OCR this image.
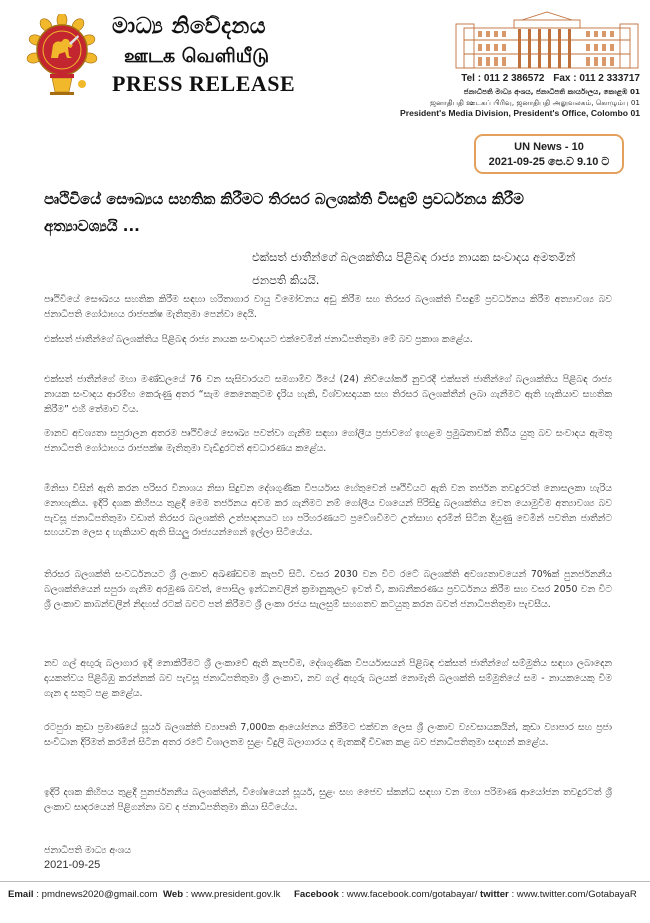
මාධ්‍ය නිවේදනය
ஊடக வெளியீடு
PRESS RELEASE	Tel : 011 2 386572 Fax : 011 2 333717
ජනාධිපති මාධ්‍ය අංශය, ජනාධිපති කාර්යාලය, කොළඹ 01
ஜனாதிபதி ஊடகப் பிரிவு, ஜனாதிபதி அலுவலகம், கொழும்பு 01
President's Media Division, President's Office, Colombo 01
UN News - 10
2021-09-25 පෙ.ව 9.10 ට
පෘථිවියේ සෞඛ්‍යය සහතික කිරීමට තිරසර බලශක්ති විසඳුම් ප්‍රවර්ධනය කිරීම අත්‍යාවශ්‍යයි ...
එක්සත් ජාතීන්ගේ බලශක්තිය පිළිබඳ රාජ්‍ය නායක සංවාදය අමතමින් ජනපති කියයි.
පෘථිවියේ සෞඛ්‍යය සහතික කිරීම සඳහා හරිතාගාර වායු විමෝචනය අඩු කිරීම සහ තිරසර බලශක්ති විසඳුම් ප්‍රවර්ධනය කිරීම අත්‍යාවශ්‍ය බව ජනාධිපති ගෝඨාභය රාජපක්ෂ මැතිතුමා පෙන්වා දෙයි.
එක්සත් ජාතීන්ගේ බලශක්තිය පිළිබඳ රාජ්‍ය නායක සංවාදයට එක්වෙමින් ජනාධිපතිතුමා මේ බව ප්‍රකාශ කළේය.
එක්සත් ජාතීන්ගේ මහා මණ්ඩලයේ 76 වන සැසිවාරයට සමගාමීව ඊයේ (24) නිව්යෝර්ක් නුවරදී එක්සත් ජාතීන්ගේ බලශක්තිය පිළිබඳ රාජ්‍ය නායක සංවාදය ආරම්භ කෙරුණු අතර “සැම කෙනෙකුටම දැරිය හැකි, විශ්වාසදායක සහ තිරසර බලශක්තීන් ලබා ගැනීමට ඇති හැකියාව සහතික කිරීම” එහි තේමාව විය.
මානව අවශ්‍යතා සපුරාලන අතරම පෘථිවියේ සෞඛ්‍ය පවත්වා ගැනීම සඳහා ගෝලීය ප්‍රජාවගේ ඉහළම ප්‍රමුඛතාවක් තිබිිය යුතු බව සංවාදය ඇමතූ ජනාධිපති ගෝඨාභය රාජපක්ෂ මැතිතුමා වැඩිදුරටත් අවධාරණය කළේය.
මිනිසා විසින් ඇති කරන පරිසර විනාශය නිසා සිදුවන දේශගුණික විපර්යාස හේතුවෙන් පෘථිවියට ඇති වන තර්ජන තවදුරටත් නොසලකා හැරිය නොහැකිය. ඉදිරි දශක කිහිපය තුළදී මෙම තර්ජනය අවම කර ගැනීමට නම් ගෝලීය වශයෙන් පිරිසිදු බලශක්තිය වෙත යොමුවීම අත්‍යාවශ්‍ය බව පැවසූ ජනාධිපතිතුමා වඩාත් තිරසර බලශක්ති උත්පාදනයට හා පරිහරණයට ප්‍රවේශවීමට උත්සාහ දරමින් සිටින දියුණු වෙමින් පවතින ජාතීන්ට සහයවන ලෙස ද හැකියාව ඇති සියලු රාජ්‍යයන්ගෙන් ඉල්ලා සිටියේය.
තිරසර බලශක්ති සංවර්ධනයට ශ්‍රී ලංකාව අඛණ්ඩවම කැපවී සිටී. වසර 2030 වන විට රටේ බලශක්ති අවශ්‍යතාවයෙන් 70%ක් පුනර්ජනනීය බලශක්තියෙන් සපුරා ගැනීම අරමුණ බවත්, පොසිල ඉන්ධනවලින් ක්‍රමානුකූලව ඉවත් වී, කාබනීකරණය ප්‍රවර්ධනය කිරීම සහ වසර 2050 වන විට ශ්‍රී ලංකාව කාබන්වලින් නිදහස් රටක් බවට පත් කිරීමට ශ්‍රී ලංකා රජය සැලසුම් සහගතව කටයුතු කරන බවත් ජනාධිපතිතුමා පැවසීය.
නව ගල් අඟුරු බලාගාර ඉදි නොකිරීමට ශ්‍රී ලංකාවේ ඇති කැපවීම, දේශගුණික විපර්යාසයන් පිළිබඳ එක්සත් ජාතීන්ගේ සම්මුතිය සඳහා ලබාදෙන දායකත්වය පිළිබිඹු කරන්නක් බව පැවසූ ජනාධිපතිතුමා ශ්‍රී ලංකාව, නව ගල් අඟුරු බලයක් නොමැති බලශක්ති සම්මුතියේ සම - නායකයෙකු වීම ගැන ද සතුට පළ කළේය.
රටපුරා කුඩා ප්‍රමාණයේ සූර්ය බලශක්ති ව්‍යාපෘති 7,000ක ආයෝජනය කිරීමට එක්වන ලෙස ශ්‍රී ලංකාව ව්‍යවසායකයින්, කුඩා ව්‍යාපාර සහ ප්‍රජා සංවිධාන දිරිමත් කරමින් සිටින අතර රටේ විශාලතම සුළං විදුලි බලාගාරය ද මැතකදී විවෘත කළ බව ජනාධිපතිතුමා සඳහන් කළේය.
ඉදිරි දශක කිහිපය තුළදී පුනර්ජනනීය බලශක්තීන්, විශේෂයෙන් සූර්ය, සුළං සහ ජෛව ස්කන්ධ සඳහා වන මහා පරිමාණ ආයෝජන තවදුරටත් ශ්‍රී ලංකාව සාදරයෙන් පිළිගන්නා බව ද ජනාධිපතිතුමා කියා සිටියේය.
ජනාධිපති මාධ්‍ය අංශය
2021-09-25
Email : pmdnews2020@gmail.com Web : www.president.gov.lk Facebook : www.facebook.com/gotabayar/ twitter : www.twitter.com/GotabayaR
